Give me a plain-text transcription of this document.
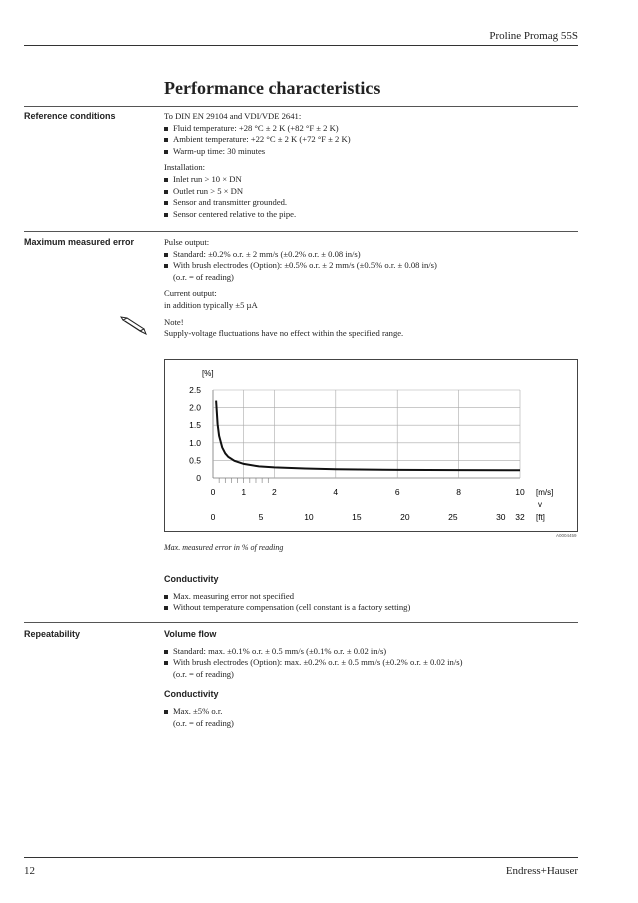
Proline Promag 55S
Performance characteristics
Reference conditions	To DIN EN 29104 and VDI/VDE 2641:
Fluid temperature: +28 °C ± 2 K (+82 °F ± 2 K)
Ambient temperature: +22 °C ± 2 K (+72 °F ± 2 K)
Warm-up time: 30 minutes
Installation:
Inlet run > 10 × DN
Outlet run > 5 × DN
Sensor and transmitter grounded.
Sensor centered relative to the pipe.
Maximum measured error	Pulse output:
Standard: ±0.2% o.r. ± 2 mm/s (±0.2% o.r. ± 0.08 in/s)
With brush electrodes (Option): ±0.5% o.r. ± 2 mm/s (±0.5% o.r. ± 0.08 in/s)
(o.r. = of reading)
Current output:
in addition typically ±5 µA
Note!
Supply-voltage fluctuations have no effect within the specified range.
[%]
2.5
2.0
1.5
1.0
0.5
0
0	1	2	4	6	8	10
0	5	10	15	20	25	30 32
[m/s]
v
[ft]
A0004459
Max. measured error in % of reading
Conductivity
Max. measuring error not specified
Without temperature compensation (cell constant is a factory setting)
Repeatability	Volume flow
Standard: max. ±0.1% o.r. ± 0.5 mm/s (±0.1% o.r. ± 0.02 in/s)
With brush electrodes (Option): max. ±0.2% o.r. ± 0.5 mm/s (±0.2% o.r. ± 0.02 in/s)
(o.r. = of reading)
Conductivity
Max. ±5% o.r.
(o.r. = of reading)
12	Endress+Hauser
